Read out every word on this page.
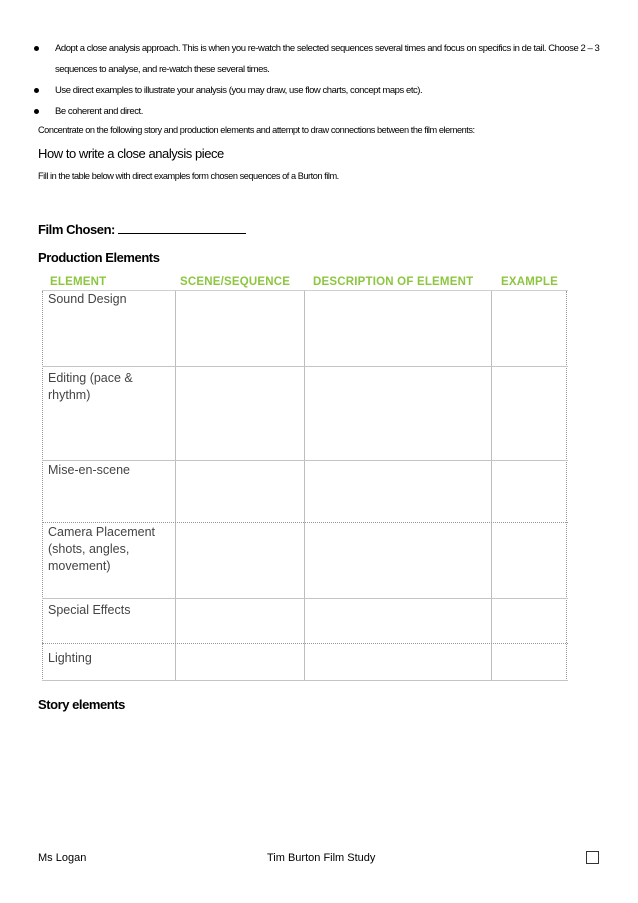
Adopt a close analysis approach. This is when you re-watch the selected sequences several times and focus on specifics in de tail. Choose 2 – 3 sequences to analyse, and re-watch these several times.
Use direct examples to illustrate your analysis (you may draw, use flow charts, concept maps etc).
Be coherent and direct.
Concentrate on the following story and production elements and attempt to draw connections between the film elements:
How to write a close analysis piece
Fill in the table below with direct examples form chosen sequences of a Burton film.
Film Chosen:
Production Elements
ELEMENT	SCENE/SEQUENCE DESCRIPTION OF ELEMENT EXAMPLE
Sound Design
Editing (pace & rhythm)
Mise-en-scene
Camera Placement (shots, angles, movement)
Special Effects
Lighting
Story elements
Ms Logan	Tim Burton Film Study
